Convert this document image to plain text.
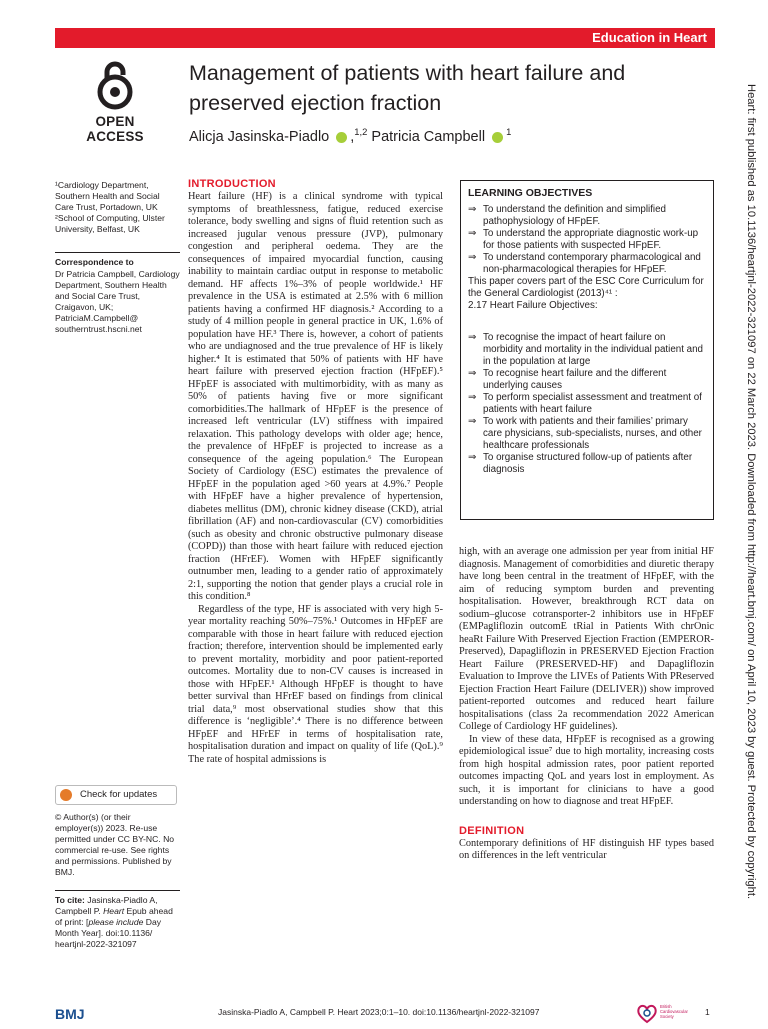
Education in Heart
OPEN ACCESS
Management of patients with heart failure and preserved ejection fraction
Alicja Jasinska-Piadlo ,$^{1,2}$ Patricia Campbell $^1$

¹Cardiology Department, Southern Health and Social Care Trust, Portadown, UK

²School of Computing, Ulster University, Belfast, UK

Correspondence to

Dr Patricia Campbell, Cardiology Department, Southern Health and Social Care Trust, Craigavon, UK; PatriciaM.Campbell@ southerntrust.hscni.net

Check for updates

© Author(s) (or their employer(s)) 2023. Re-use permitted under CC BY-NC. No commercial re-use. See rights and permissions. Published by BMJ.

To cite: Jasinska-Piadlo A, Campbell P. Heart Epub ahead of print: [please include Day Month Year]. doi:10.1136/ heartjnl-2022-321097
INTRODUCTION

Heart failure (HF) is a clinical syndrome with typical symptoms of breathlessness, fatigue, reduced exercise tolerance, body swelling and signs of fluid retention such as increased jugular venous pressure (JVP), pulmonary congestion and peripheral oedema. They are the consequences of impaired myocardial function, causing inability to maintain cardiac output in response to metabolic demand. HF affects 1%–3% of people worldwide.¹ HF prevalence in the USA is estimated at 2.5% with 6 million patients having a confirmed HF diagnosis.² According to a study of 4 million people in general practice in UK, 1.6% of population have HF.³ There is, however, a cohort of patients who are undiagnosed and the true prevalence of HF is likely higher.⁴ It is estimated that 50% of patients with HF have heart failure with preserved ejection fraction (HFpEF).⁵ HFpEF is associated with multimorbidity, with as many as 50% of patients having five or more significant comorbidities.The hallmark of HFpEF is the presence of increased left ventricular (LV) stiffness with impaired relaxation. This pathology develops with older age; hence, the prevalence of HFpEF is projected to increase as a consequence of the ageing population.⁶ The European Society of Cardiology (ESC) estimates the prevalence of HFpEF in the population aged >60 years at 4.9%.⁷ People with HFpEF have a higher prevalence of hypertension, diabetes mellitus (DM), chronic kidney disease (CKD), atrial fibrillation (AF) and non-cardiovascular (CV) comorbidities (such as obesity and chronic obstructive pulmonary disease (COPD)) than those with heart failure with reduced ejection fraction (HFrEF). Women with HFpEF significantly outnumber men, leading to a gender ratio of approximately 2:1, supporting the notion that gender plays a crucial role in this condition.⁸

Regardless of the type, HF is associated with very high 5-year mortality reaching 50%–75%.¹ Outcomes in HFpEF are comparable with those in heart failure with reduced ejection fraction; therefore, intervention should be implemented early to prevent mortality, morbidity and poor patient-reported outcomes. Mortality due to non-CV causes is increased in those with HFpEF.¹ Although HFpEF is thought to have better survival than HFrEF based on findings from clinical trial data,⁹ most observational studies show that this difference is ‘negligible’.⁴ There is no difference between HFpEF and HFrEF in terms of hospitalisation rate, hospitalisation duration and impact on quality of life (QoL).⁹ The rate of hospital admissions is

LEARNING OBJECTIVES
⇒ To understand the definition and simplified pathophysiology of HFpEF.
⇒ To understand the appropriate diagnostic work-up for those patients with suspected HFpEF.
⇒ To understand contemporary pharmacological and non-pharmacological therapies for HFpEF.

This paper covers part of the ESC Core Curriculum for the General Cardiologist (2013)⁴¹ :

2.17 Heart Failure Objectives:

⇒ To recognise the impact of heart failure on morbidity and mortality in the individual patient and in the population at large
⇒ To recognise heart failure and the different underlying causes
⇒ To perform specialist assessment and treatment of patients with heart failure
⇒ To work with patients and their families’ primary care physicians, sub-specialists, nurses, and other healthcare professionals
⇒ To organise structured follow-up of patients after diagnosis

high, with an average one admission per year from initial HF diagnosis. Management of comorbidities and diuretic therapy have long been central in the treatment of HFpEF, with the aim of reducing symptom burden and preventing hospitalisation. However, breakthrough RCT data on sodium–glucose cotransporter-2 inhibitors use in HFpEF (EMPagliflozin outcomE tRial in Patients With chrOnic heaRt Failure With Preserved Ejection Fraction (EMPEROR-Preserved), Dapagliflozin in PRESERVED Ejection Fraction Heart Failure (PRESERVED-HF) and Dapagliflozin Evaluation to Improve the LIVEs of Patients With PReserved Ejection Fraction Heart Failure (DELIVER)) show improved patient-reported outcomes and reduced heart failure hospitalisations (class 2a recommendation 2022 American College of Cardiology HF guidelines).

In view of these data, HFpEF is recognised as a growing epidemiological issue⁷ due to high mortality, increasing costs from high hospital admission rates, poor patient reported outcomes impacting QoL and years lost in employment. As such, it is important for clinicians to have a good understanding on how to diagnose and treat HFpEF.

DEFINITION

Contemporary definitions of HF distinguish HF types based on differences in the left ventricular	Heart: first published as 10.1136/heartjnl-2022-321097 on 22 March 2023. Downloaded from http://heart.bmj.com/ on April 10, 2023 by guest. Protected by copyright.
BMJ	Jasinska-Piadlo A, Campbell P. Heart 2023;0:1–10. doi:10.1136/heartjnl-2022-321097
British Cardiovascular Society	1
